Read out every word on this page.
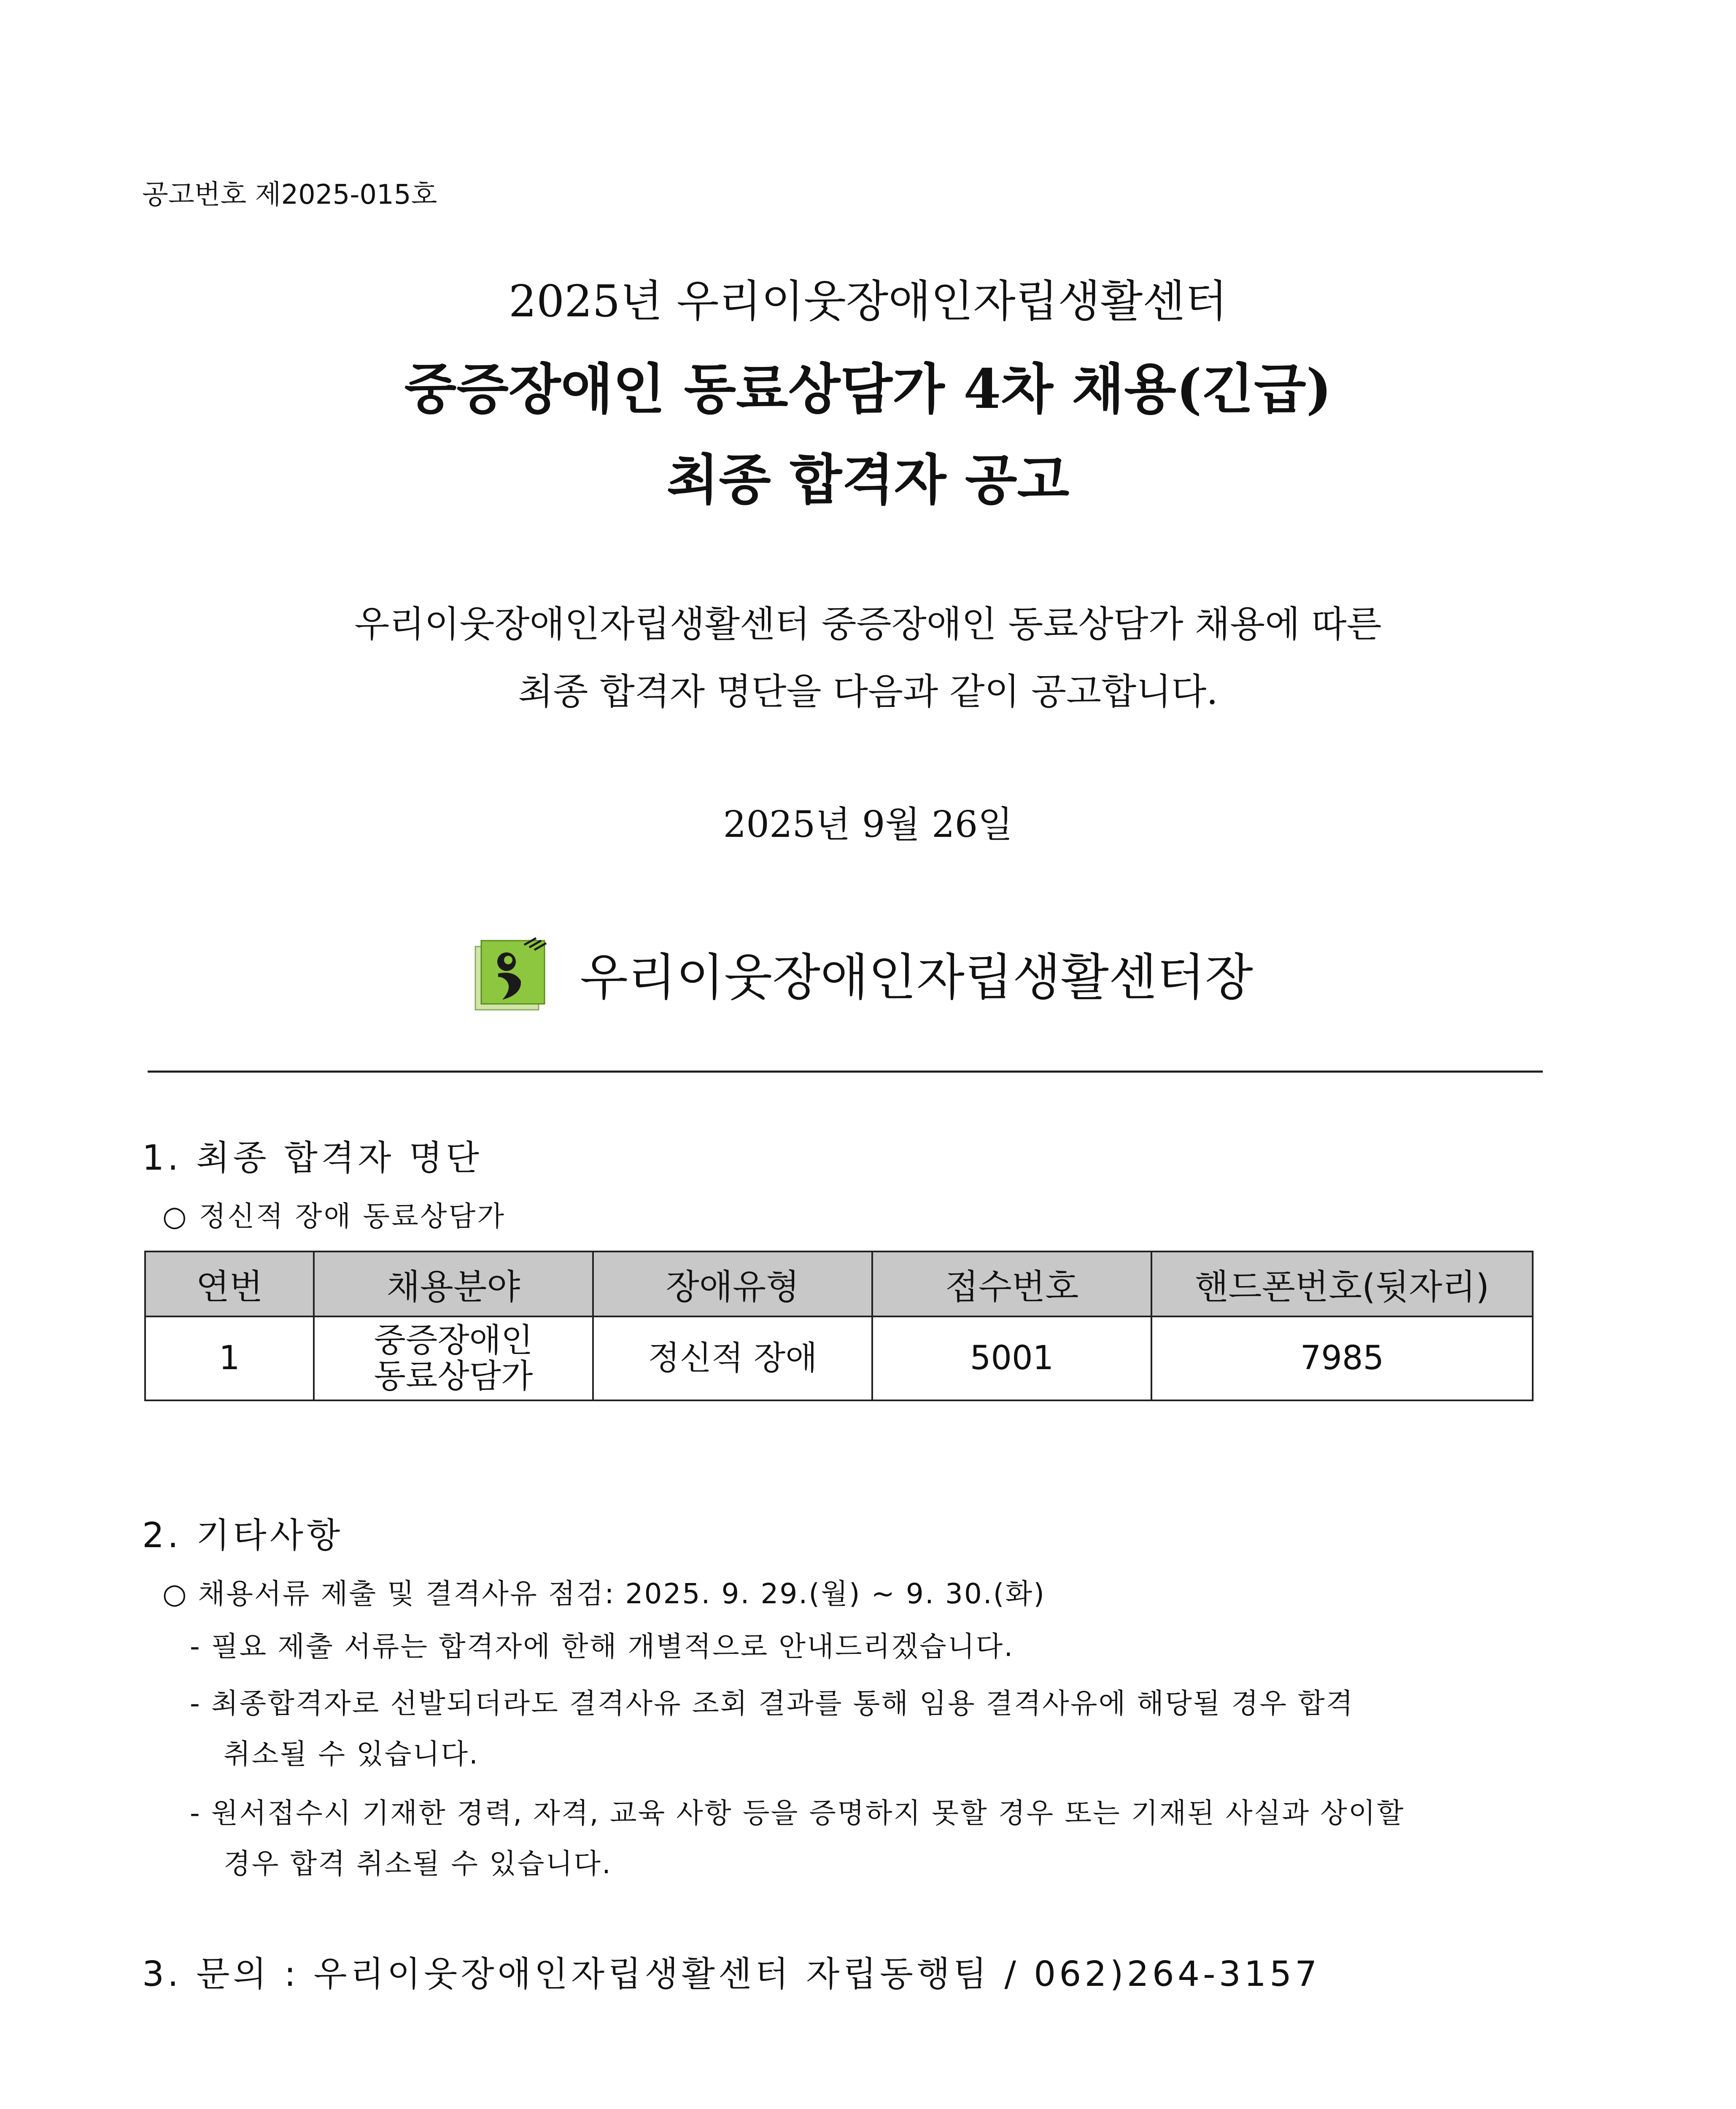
공고번호 제2025-015호
2025년 우리이웃장애인자립생활센터
중증장애인 동료상담가 4차 채용(긴급)
최종 합격자 공고
우리이웃장애인자립생활센터 중증장애인 동료상담가 채용에 따른
최종 합격자 명단을 다음과 같이 공고합니다.
2025년 9월 26일
우리이웃장애인자립생활센터장
1. 최종 합격자 명단
○ 정신적 장애 동료상담가
연번	채용분야	장애유형	접수번호	핸드폰번호(뒷자리)
1	중증장애인
동료상담가	정신적 장애	5001	7985
2. 기타사항
○ 채용서류 제출 및 결격사유 점검: 2025. 9. 29.(월) ~ 9. 30.(화)
- 필요 제출 서류는 합격자에 한해 개별적으로 안내드리겠습니다.
- 최종합격자로 선발되더라도 결격사유 조회 결과를 통해 임용 결격사유에 해당될 경우 합격
취소될 수 있습니다.
- 원서접수시 기재한 경력, 자격, 교육 사항 등을 증명하지 못할 경우 또는 기재된 사실과 상이할
경우 합격 취소될 수 있습니다.
3. 문의 : 우리이웃장애인자립생활센터 자립동행팀 / 062)264-3157
